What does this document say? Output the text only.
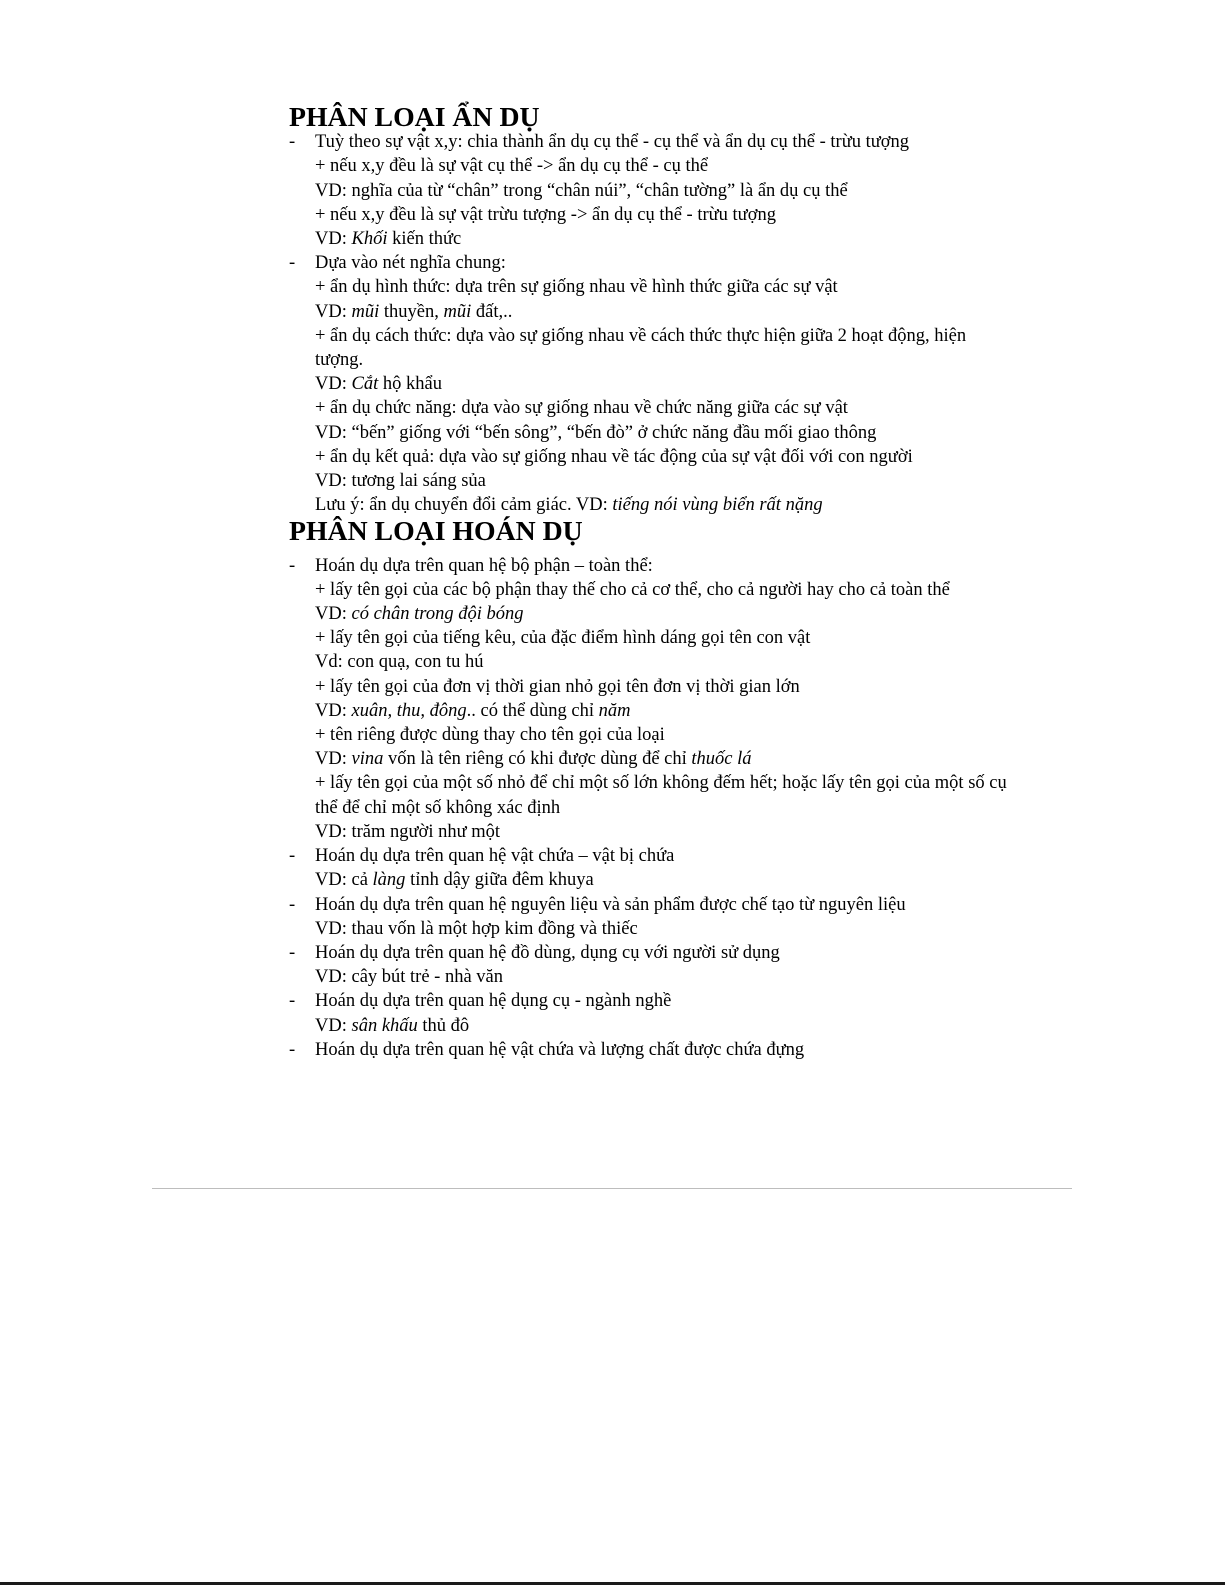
PHÂN LOẠI ẨN DỤ
- Tuỳ theo sự vật x,y: chia thành ẩn dụ cụ thể - cụ thể và ẩn dụ cụ thể - trừu tượng
+ nếu x,y đều là sự vật cụ thể -> ẩn dụ cụ thể - cụ thể
VD: nghĩa của từ “chân” trong “chân núi”, “chân tường” là ẩn dụ cụ thể
+ nếu x,y đều là sự vật trừu tượng -> ẩn dụ cụ thể - trừu tượng
VD: Khối kiến thức
- Dựa vào nét nghĩa chung:
+ ẩn dụ hình thức: dựa trên sự giống nhau về hình thức giữa các sự vật
VD: mũi thuyền, mũi đất,..
+ ẩn dụ cách thức: dựa vào sự giống nhau về cách thức thực hiện giữa 2 hoạt động, hiện tượng.
VD: Cắt hộ khẩu
+ ẩn dụ chức năng: dựa vào sự giống nhau về chức năng giữa các sự vật
VD: “bến” giống với “bến sông”, “bến đò” ở chức năng đầu mối giao thông
+ ẩn dụ kết quả: dựa vào sự giống nhau về tác động của sự vật đối với con người
VD: tương lai sáng sủa
Lưu ý: ẩn dụ chuyển đổi cảm giác. VD: tiếng nói vùng biển rất nặng
PHÂN LOẠI HOÁN DỤ
- Hoán dụ dựa trên quan hệ bộ phận – toàn thể:
+ lấy tên gọi của các bộ phận thay thế cho cả cơ thể, cho cả người hay cho cả toàn thể
VD: có chân trong đội bóng
+ lấy tên gọi của tiếng kêu, của đặc điểm hình dáng gọi tên con vật
Vd: con quạ, con tu hú
+ lấy tên gọi của đơn vị thời gian nhỏ gọi tên đơn vị thời gian lớn
VD: xuân, thu, đông.. có thể dùng chỉ năm
+ tên riêng được dùng thay cho tên gọi của loại
VD: vina vốn là tên riêng có khi được dùng để chỉ thuốc lá
+ lấy tên gọi của một số nhỏ để chỉ một số lớn không đếm hết; hoặc lấy tên gọi của một số cụ thể để chỉ một số không xác định
VD: trăm người như một
- Hoán dụ dựa trên quan hệ vật chứa – vật bị chứa
VD: cả làng tỉnh dậy giữa đêm khuya
- Hoán dụ dựa trên quan hệ nguyên liệu và sản phẩm được chế tạo từ nguyên liệu
VD: thau vốn là một hợp kim đồng và thiếc
- Hoán dụ dựa trên quan hệ đồ dùng, dụng cụ với người sử dụng
VD: cây bút trẻ - nhà văn
- Hoán dụ dựa trên quan hệ dụng cụ - ngành nghề
VD: sân khấu thủ đô
- Hoán dụ dựa trên quan hệ vật chứa và lượng chất được chứa đựng
